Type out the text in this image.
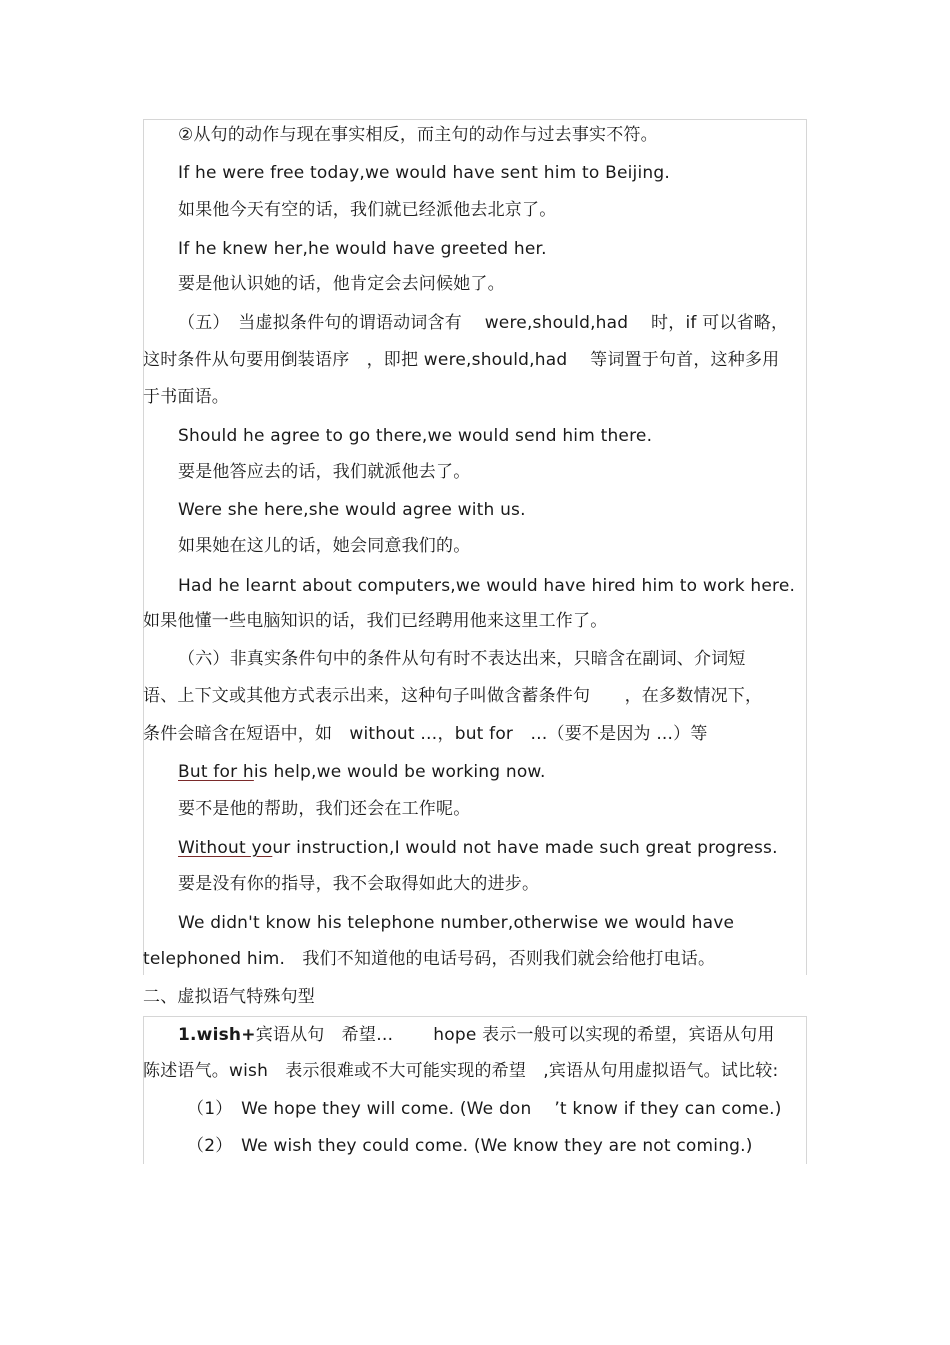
②从句的动作与现在事实相反，而主句的动作与过去事实不符。
If he were free today,we would have sent him to Beijing.
如果他今天有空的话，我们就已经派他去北京了。
If he knew her,he would have greeted her.
要是他认识她的话，他肯定会去问候她了。
（五）　当虚拟条件句的谓语动词含有　 were,should,had　 时，if 可以省略，
这时条件从句要用倒装语序　，即把 were,should,had　 等词置于句首，这种多用
于书面语。
Should he agree to go there,we would send him there.
要是他答应去的话，我们就派他去了。
Were she here,she would agree with us.
如果她在这儿的话，她会同意我们的。
Had he learnt about computers,we would have hired him to work here.
如果他懂一些电脑知识的话，我们已经聘用他来这里工作了。
（六）非真实条件句中的条件从句有时不表达出来，只暗含在副词、介词短
语、上下文或其他方式表示出来，这种句子叫做含蓄条件句　　，在多数情况下，
条件会暗含在短语中，如　without …，but for　…（要不是因为 ...）等
But for his help,we would be working now.
要不是他的帮助，我们还会在工作呢。
Without your instruction,I would not have made such great progress.
要是没有你的指导，我不会取得如此大的进步。
We didn't know his telephone number,otherwise we would have
telephoned him.　我们不知道他的电话号码，否则我们就会给他打电话。
二、虚拟语气特殊句型
1.wish+宾语从句　希望…　　 hope 表示一般可以实现的希望，宾语从句用
陈述语气。wish　表示很难或不大可能实现的希望　,宾语从句用虚拟语气。试比较:
（1）　We hope they will come. (We don　 ’t know if they can come.)
（2）　We wish they could come. (We know they are not coming.)
